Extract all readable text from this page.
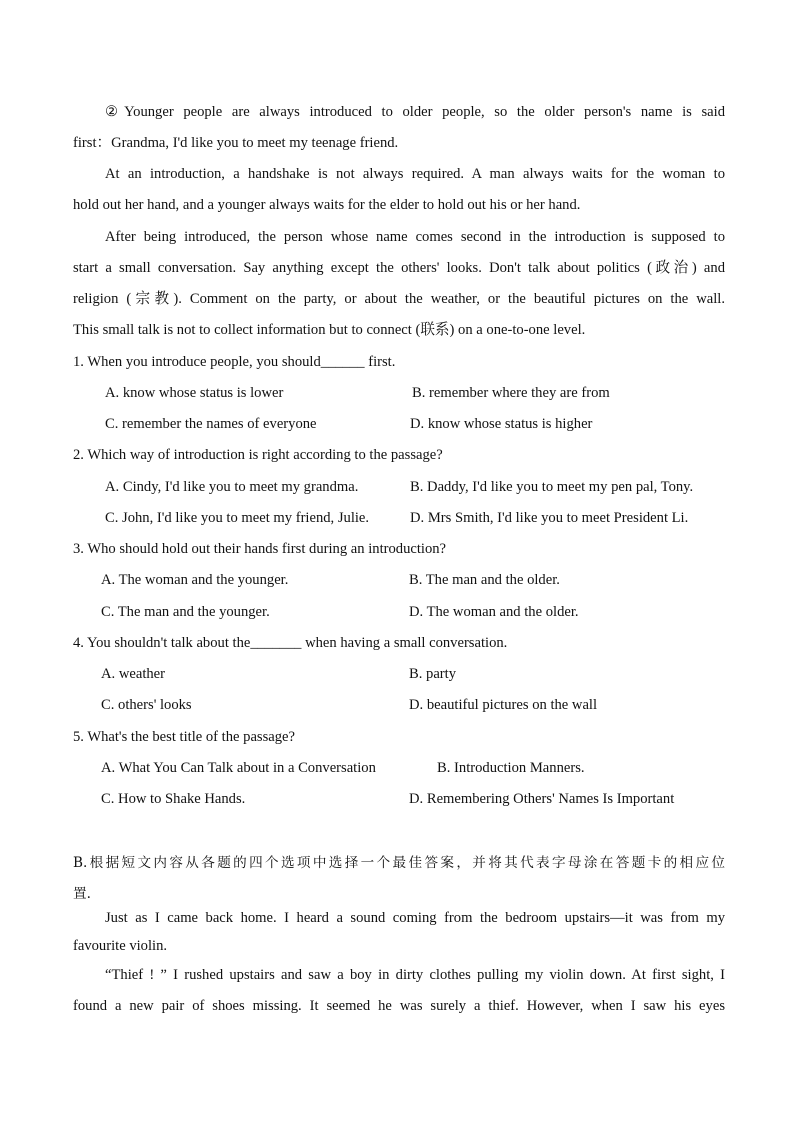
②Younger people are always introduced to older people, so the older person's name is said
first：Grandma, I'd like you to meet my teenage friend.
At an introduction, a handshake is not always required. A man always waits for the woman to
hold out her hand, and a younger always waits for the elder to hold out his or her hand.
After being introduced, the person whose name comes second in the introduction is supposed to
start a small conversation. Say anything except the others' looks. Don't talk about politics (政治) and
religion (宗教). Comment on the party, or about the weather, or the beautiful pictures on the wall.
This small talk is not to collect information but to connect (联系) on a one-to-one level.
1. When you introduce people, you should______ first.
A. know whose status is lower	B. remember where they are from
C. remember the names of everyone	D. know whose status is higher
2. Which way of introduction is right according to the passage?
A. Cindy, I'd like you to meet my grandma.	B. Daddy, I'd like you to meet my pen pal, Tony.
C. John, I'd like you to meet my friend, Julie.	D. Mrs Smith, I'd like you to meet President Li.
3. Who should hold out their hands first during an introduction?
A. The woman and the younger.	B. The man and the older.
C. The man and the younger.	D. The woman and the older.
4. You shouldn't talk about the_______ when having a small conversation.
A. weather	B. party
C. others' looks	D. beautiful pictures on the wall
5. What's the best title of the passage?
A. What You Can Talk about in a Conversation	B. Introduction Manners.
C. How to Shake Hands.	D. Remembering Others' Names Is Important
B.根据短文内容从各题的四个选项中选择一个最佳答案，并将其代表字母涂在答题卡的相应位
置.
Just as I came back home. I heard a sound coming from the bedroom upstairs—it was from my
favourite violin.
“Thief ! ” I rushed upstairs and saw a boy in dirty clothes pulling my violin down. At first sight, I
found a new pair of shoes missing. It seemed he was surely a thief. However, when I saw his eyes
